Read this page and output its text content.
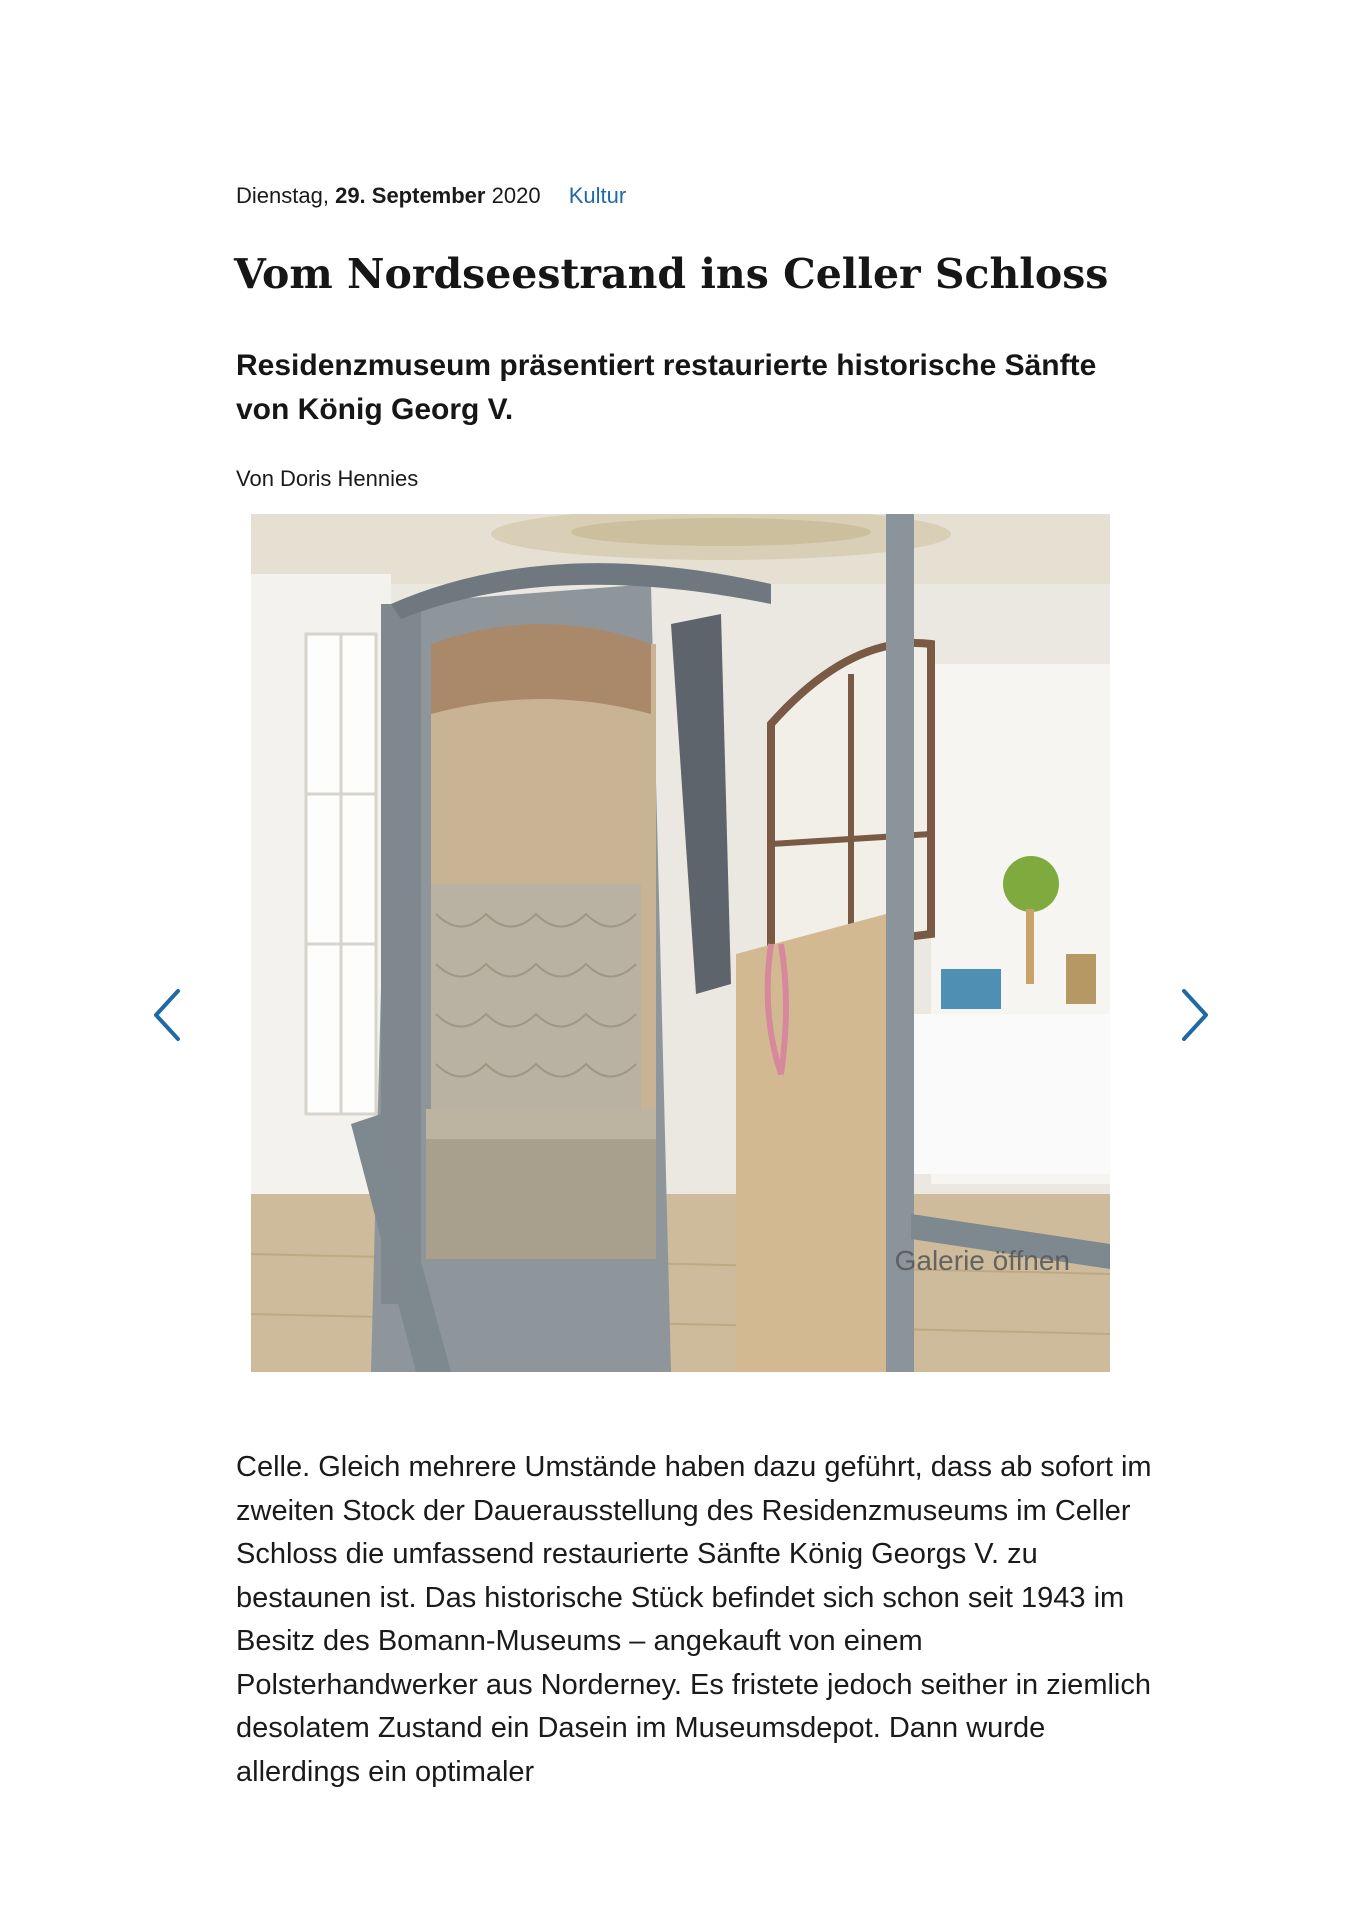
Dienstag, 29. September 2020 Kultur
Vom Nordseestrand ins Celler Schloss
Residenzmuseum präsentiert restaurierte historische Sänfte von König Georg V.
Von Doris Hennies
Galerie öffnen

Celle. Gleich mehrere Umstände haben dazu geführt, dass ab sofort im zweiten Stock der Dauerausstellung des Residenzmuseums im Celler Schloss die umfassend restaurierte Sänfte König Georgs V. zu bestaunen ist. Das historische Stück befindet sich schon seit 1943 im Besitz des Bomann-Museums – angekauft von einem Polsterhandwerker aus Norderney. Es fristete jedoch seither in ziemlich desolatem Zustand ein Dasein im Museumsdepot. Dann wurde allerdings ein optimaler
